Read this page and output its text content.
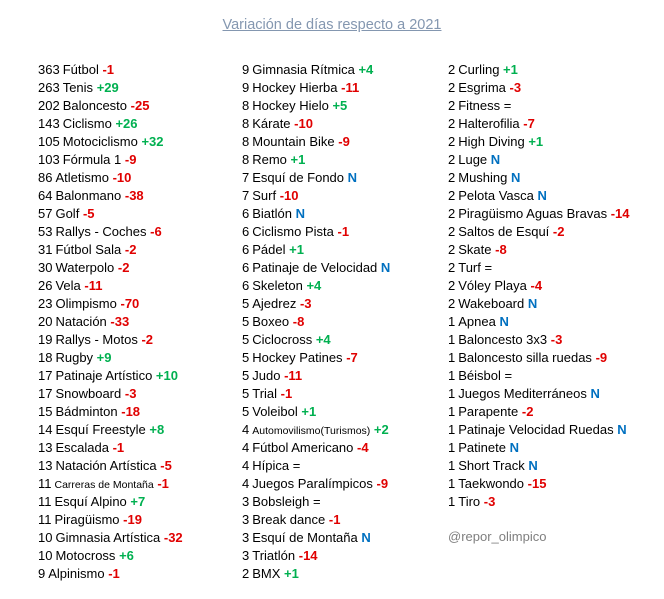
Variación de días respecto a 2021
363 Fútbol -1
263 Tenis +29
202 Baloncesto -25
143 Ciclismo +26
105 Motociclismo +32
103 Fórmula 1 -9
86 Atletismo -10
64 Balonmano -38
57 Golf -5
53 Rallys - Coches -6
31 Fútbol Sala -2
30 Waterpolo -2
26 Vela -11
23 Olimpismo -70
20 Natación -33
19 Rallys - Motos -2
18 Rugby +9
17 Patinaje Artístico +10
17 Snowboard -3
15 Bádminton -18
14 Esquí Freestyle +8
13 Escalada -1
13 Natación Artística -5
11 Carreras de Montaña -1
11 Esquí Alpino +7
11 Piragüismo -19
10 Gimnasia Artística -32
10 Motocross +6
9 Alpinismo -1
9 Gimnasia Rítmica +4
9 Hockey Hierba -11
8 Hockey Hielo +5
8 Kárate -10
8 Mountain Bike -9
8 Remo +1
7 Esquí de Fondo N
7 Surf -10
6 Biatlón N
6 Ciclismo Pista -1
6 Pádel +1
6 Patinaje de Velocidad N
6 Skeleton +4
5 Ajedrez -3
5 Boxeo -8
5 Ciclocross +4
5 Hockey Patines -7
5 Judo -11
5 Trial -1
5 Voleibol +1
4 Automovilismo(Turismos) +2
4 Fútbol Americano -4
4 Hípica =
4 Juegos Paralímpicos -9
3 Bobsleigh =
3 Break dance -1
3 Esquí de Montaña N
3 Triatlón -14
2 BMX +1
2 Curling +1
2 Esgrima -3
2 Fitness =
2 Halterofilia -7
2 High Diving +1
2 Luge N
2 Mushing N
2 Pelota Vasca N
2 Piragüismo Aguas Bravas -14
2 Saltos de Esquí -2
2 Skate -8
2 Turf =
2 Vóley Playa -4
2 Wakeboard N
1 Apnea N
1 Baloncesto 3x3 -3
1 Baloncesto silla ruedas -9
1 Béisbol =
1 Juegos Mediterráneos N
1 Parapente -2
1 Patinaje Velocidad Ruedas N
1 Patinete N
1 Short Track N
1 Taekwondo -15
1 Tiro -3
@repor_olimpico
